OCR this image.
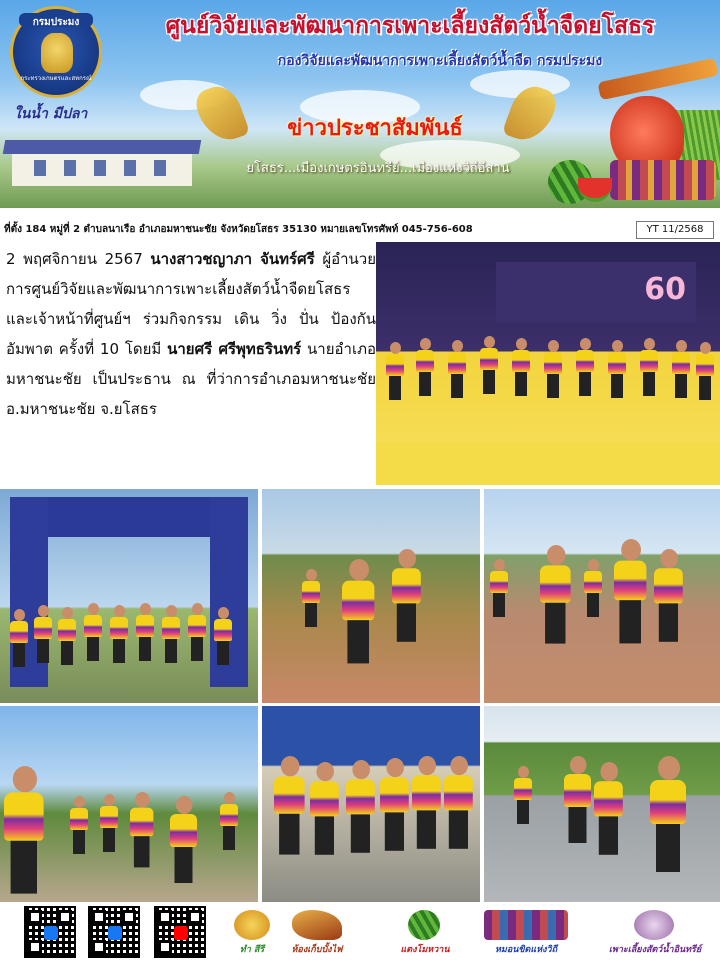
กรมประมง
กระทรวงเกษตรและสหกรณ์
ในน้ำ มีปลา
ศูนย์วิจัยและพัฒนาการเพาะเลี้ยงสัตว์น้ำจืดยโสธร
กองวิจัยและพัฒนาการเพาะเลี้ยงสัตว์น้ำจืด กรมประมง
ข่าวประชาสัมพันธ์
ยโสธร...เมืองเกษตรอินทรีย์...เมืองแห่งวิถีอีสาน
ที่ตั้ง 184 หมู่ที่ 2 ตำบลนาเรือ อำเภอมหาชนะชัย จังหวัดยโสธร 35130 หมายเลขโทรศัพท์ 045-756-608	YT 11/2568
2 พฤศจิกายน 2567 นางสาวชญาภา จันทร์ศรี ผู้อำนวยการศูนย์วิจัยและพัฒนาการเพาะเลี้ยงสัตว์น้ำจืดยโสธร และเจ้าหน้าที่ศูนย์ฯ ร่วมกิจกรรม เดิน วิ่ง ปั่น ป้องกันอัมพาต ครั้งที่ 10 โดยมี นายศรี ศรีพุทธรินทร์ นายอำเภอมหาชนะชัย เป็นประธาน ณ ที่ว่าการอำเภอมหาชนะชัย อ.มหาชนะชัย จ.ยโสธร
60
ทำ สีรี	ห้องเก็บบั้งไฟ	แตงโมหวาน	หมอนขิดแห่งวิถี	เพาะเลี้ยงสัตว์น้ำอินทรีย์
